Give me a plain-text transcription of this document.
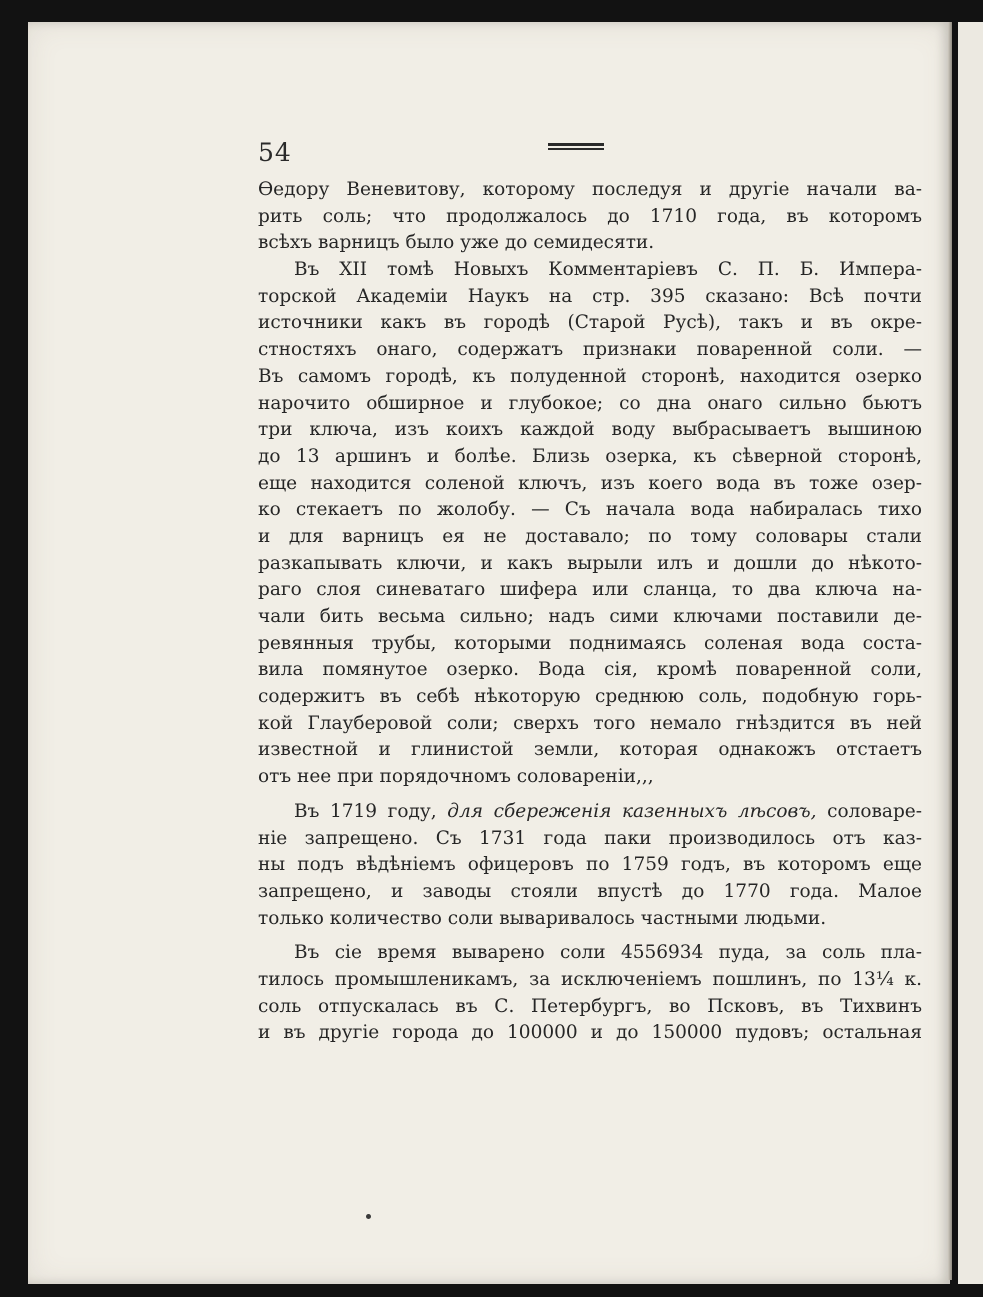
54
Ѳедору Веневитову, которому последуя и другіе начали ва-
рить соль; что продолжалось до 1710 года, въ которомъ
всѣхъ варницъ было уже до семидесяти.
Въ XII томѣ Новыхъ Комментаріевъ С. П. Б. Импера-
торской Академіи Наукъ на стр. 395 сказано: Всѣ почти
источники какъ въ городѣ (Старой Русѣ), такъ и въ окре-
стностяхъ онаго, содержатъ признаки поваренной соли. —
Въ самомъ городѣ, къ полуденной сторонѣ, находится озерко
нарочито обширное и глубокое; со дна онаго сильно бьютъ
три ключа, изъ коихъ каждой воду выбрасываетъ вышиною
до 13 аршинъ и болѣе. Близь озерка, къ сѣверной сторонѣ,
еще находится соленой ключъ, изъ коего вода въ тоже озер-
ко стекаетъ по жолобу. — Съ начала вода набиралась тихо
и для варницъ ея не доставало; по тому соловары стали
разкапывать ключи, и какъ вырыли илъ и дошли до нѣкото-
раго слоя синеватаго шифера или сланца, то два ключа на-
чали бить весьма сильно; надъ сими ключами поставили де-
ревянныя трубы, которыми поднимаясь соленая вода состa-
вила помянутое озерко. Вода сія, кромѣ поваренной соли,
содержитъ въ себѣ нѣкоторую среднюю соль, подобную горь-
кой Глауберовой соли; сверхъ того немало гнѣздится въ ней
известной и глинистой земли, которая однакожъ отстаетъ
отъ нее при порядочномъ соловареніи,,,
Въ 1719 году, для сбереженія казенныхъ лѣсовъ, соловаре-
ніе запрещено. Съ 1731 года паки производилось отъ каз-
ны подъ вѣдѣніемъ офицеровъ по 1759 годъ, въ которомъ еще
запрещено, и заводы стояли впустѣ до 1770 года. Малое
только количество соли вываривалось частными людьми.
Въ сіе время выварено соли 4556934 пуда, за соль пла-
тилось промышленикамъ, за исключеніемъ пошлинъ, по 13¼ к.
соль отпускалась въ С. Петербургъ, во Псковъ, въ Тихвинъ
и въ другіе города до 100000 и до 150000 пудовъ; остальная
